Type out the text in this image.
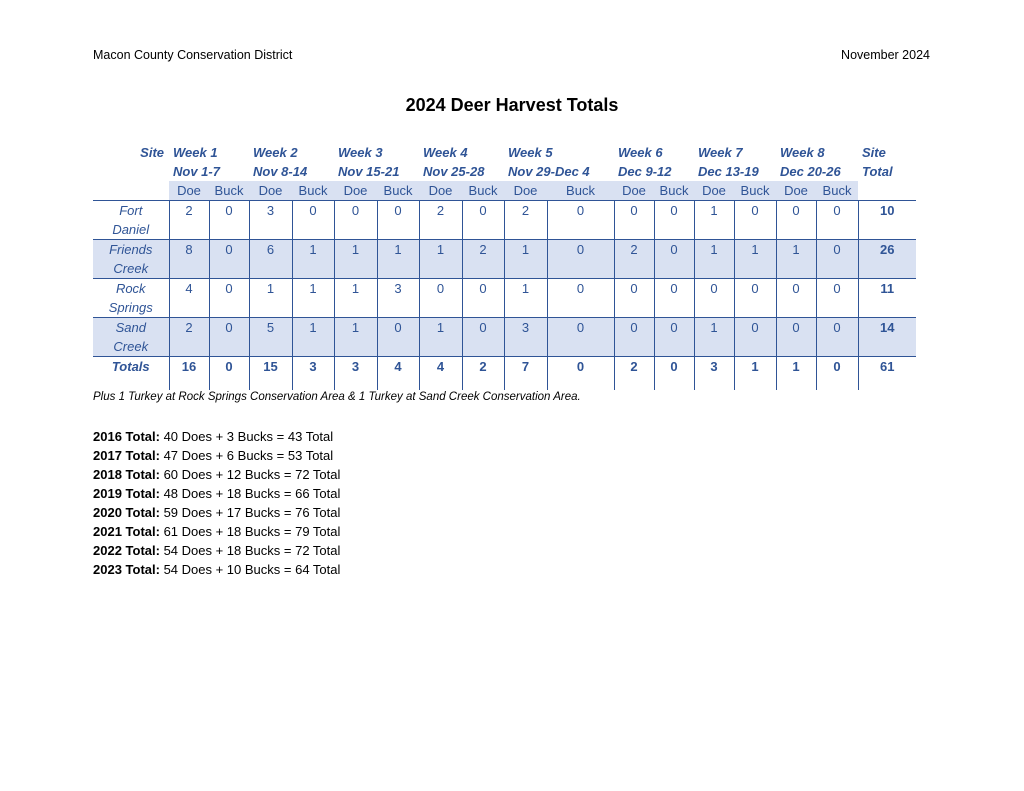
Macon County Conservation District	November 2024
2024 Deer Harvest Totals
Site	Week 1		Week 2		Week 3		Week 4		Week 5		Week 6		Week 7		Week 8		Site
	Nov 1-7		Nov 8-14		Nov 15-21		Nov 25-28		Nov 29-Dec 4		Dec 9-12		Dec 13-19		Dec 20-26		Total
	Doe	Buck	Doe	Buck	Doe	Buck	Doe	Buck	Doe	Buck	Doe	Buck	Doe	Buck	Doe	Buck	
Fort
Daniel	2	0	3	0	0	0	2	0	2	0	0	0	1	0	0	0	10
Friends
Creek	8	0	6	1	1	1	1	2	1	0	2	0	1	1	1	0	26
Rock
Springs	4	0	1	1	1	3	0	0	1	0	0	0	0	0	0	0	11
Sand
Creek	2	0	5	1	1	0	1	0	3	0	0	0	1	0	0	0	14
Totals	16	0	15	3	3	4	4	2	7	0	2	0	3	1	1	0	61
Plus 1 Turkey at Rock Springs Conservation Area & 1 Turkey at Sand Creek Conservation Area.
2016 Total: 40 Does + 3 Bucks = 43 Total
2017 Total: 47 Does + 6 Bucks = 53 Total
2018 Total: 60 Does + 12 Bucks = 72 Total
2019 Total: 48 Does + 18 Bucks = 66 Total
2020 Total: 59 Does + 17 Bucks = 76 Total
2021 Total: 61 Does + 18 Bucks = 79 Total
2022 Total: 54 Does + 18 Bucks = 72 Total
2023 Total: 54 Does + 10 Bucks = 64 Total
